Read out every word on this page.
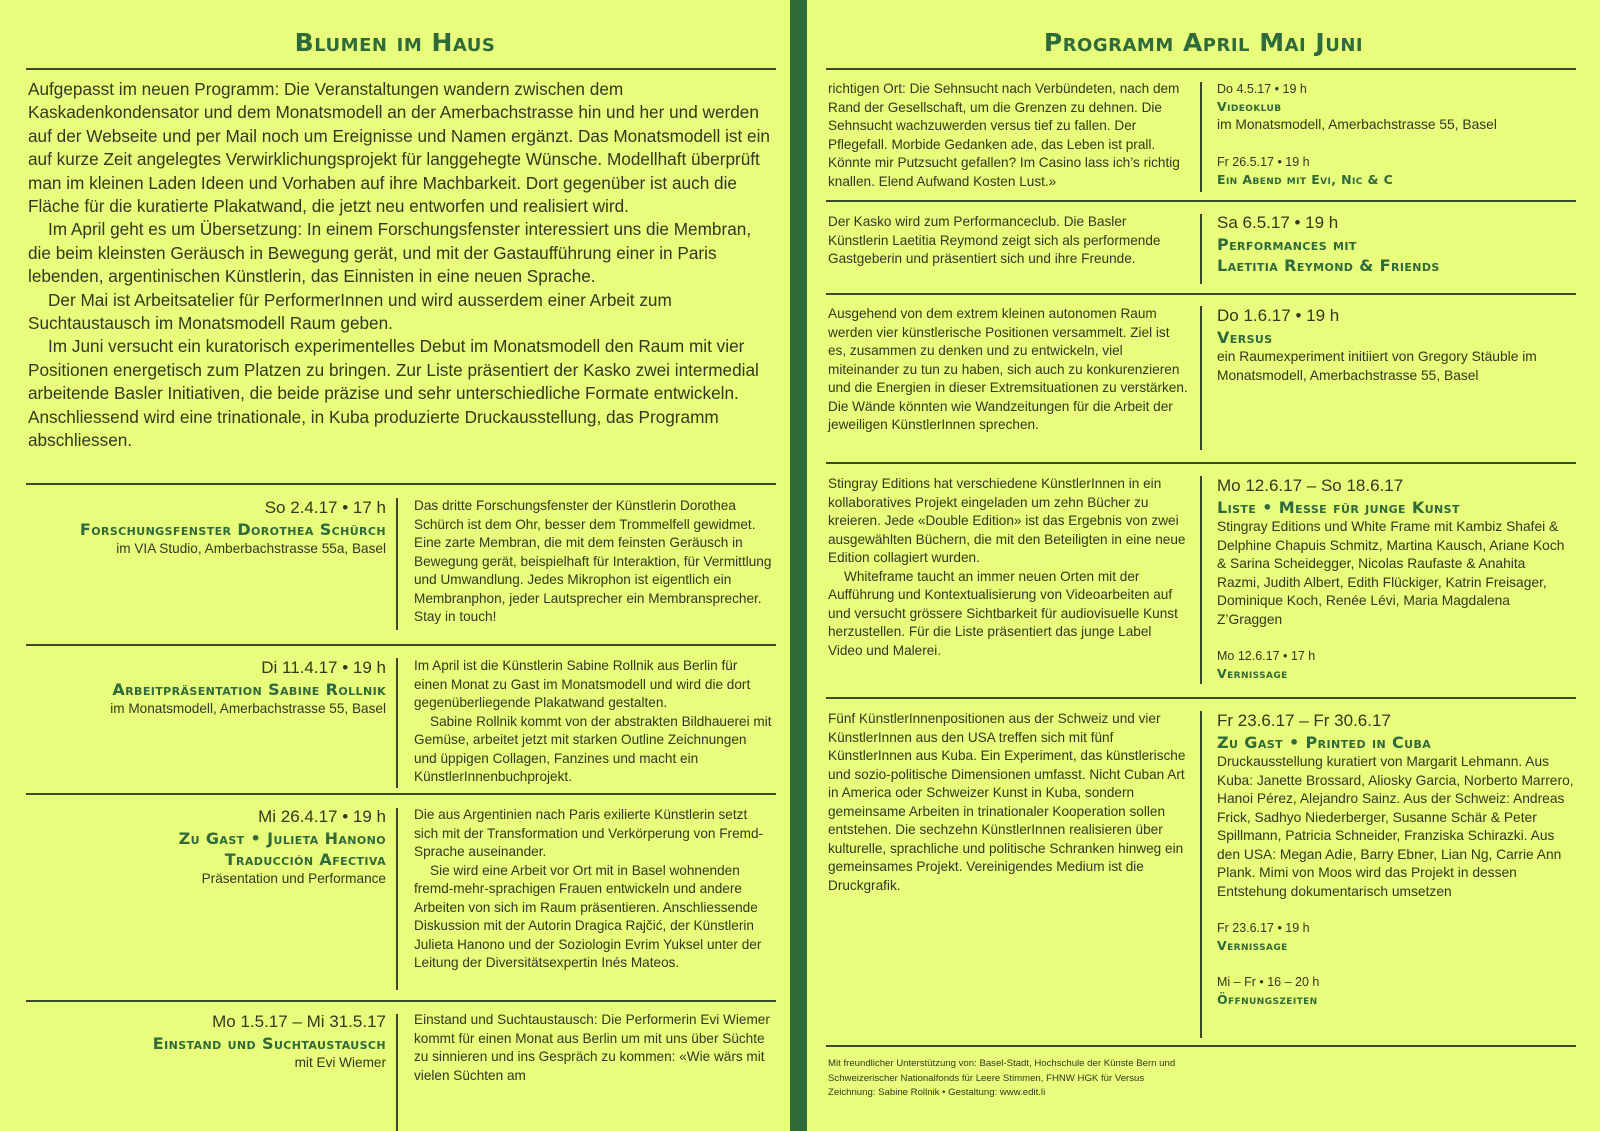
Blumen im Haus

Aufgepasst im neuen Programm: Die Veranstaltungen wandern zwischen dem Kaskadenkondensator und dem Monatsmodell an der Amerbachstrasse hin und her und werden auf der Webseite und per Mail noch um Ereignisse und Namen ergänzt. Das Monatsmodell ist ein auf kurze Zeit angelegtes Verwirklichungsprojekt für langgehegte Wünsche. Modellhaft überprüft man im kleinen Laden Ideen und Vorhaben auf ihre Machbarkeit. Dort gegenüber ist auch die Fläche für die kuratierte Plakatwand, die jetzt neu entworfen und realisiert wird.

Im April geht es um Übersetzung: In einem Forschungsfenster interessiert uns die Membran, die beim kleinsten Geräusch in Bewegung gerät, und mit der Gastaufführung einer in Paris lebenden, argentinischen Künstlerin, das Einnisten in eine neuen Sprache.

Der Mai ist Arbeitsatelier für PerformerInnen und wird ausserdem einer Arbeit zum Suchtaustausch im Monatsmodell Raum geben.

Im Juni versucht ein kuratorisch experimentelles Debut im Monatsmodell den Raum mit vier Positionen energetisch zum Platzen zu bringen. Zur Liste präsentiert der Kasko zwei intermedial arbeitende Basler Initiativen, die beide präzise und sehr unterschiedliche Formate entwickeln. Anschliessend wird eine trinationale, in Kuba produzierte Druckausstellung, das Programm abschliessen.

So 2.4.17 • 17 h
Forschungsfenster Dorothea Schürch
im VIA Studio, Amberbachstrasse 55a, Basel

Das dritte Forschungsfenster der Künstlerin Dorothea Schürch ist dem Ohr, besser dem Trommelfell gewidmet. Eine zarte Membran, die mit dem feinsten Geräusch in Bewegung gerät, beispielhaft für Interaktion, für Vermittlung und Umwandlung. Jedes Mikrophon ist eigentlich ein Membranphon, jeder Lautsprecher ein Membransprecher. Stay in touch!

Di 11.4.17 • 19 h
Arbeitpräsentation Sabine Rollnik
im Monatsmodell, Amerbachstrasse 55, Basel

Im April ist die Künstlerin Sabine Rollnik aus Berlin für einen Monat zu Gast im Monatsmodell und wird die dort gegenüberliegende Plakatwand gestalten.

Sabine Rollnik kommt von der abstrakten Bildhauerei mit Gemüse, arbeitet jetzt mit starken Outline Zeichnungen und üppigen Collagen, Fanzines und macht ein KünstlerInnenbuchprojekt.

Mi 26.4.17 • 19 h
Zu Gast • Julieta Hanono
Traducción Afectiva
Präsentation und Performance

Die aus Argentinien nach Paris exilierte Künstlerin setzt sich mit der Transformation und Verkörperung von Fremd-Sprache auseinander.

Sie wird eine Arbeit vor Ort mit in Basel wohnenden fremd-mehr-sprachigen Frauen entwickeln und andere Arbeiten von sich im Raum präsentieren. Anschliessende Diskussion mit der Autorin Dragica Rajčić, der Künstlerin Julieta Hanono und der Soziologin Evrim Yuksel unter der Leitung der Diversitätsexpertin Inés Mateos.

Mo 1.5.17 – Mi 31.5.17
Einstand und Suchtaustausch
mit Evi Wiemer

Einstand und Suchtaustausch: Die Performerin Evi Wiemer kommt für einen Monat aus Berlin um mit uns über Süchte zu sinnieren und ins Gespräch zu kommen: «Wie wärs mit vielen Süchten am

Programm April Mai Juni

richtigen Ort: Die Sehnsucht nach Verbündeten, nach dem Rand der Gesellschaft, um die Grenzen zu dehnen. Die Sehnsucht wachzuwerden versus tief zu fallen. Der Pflegefall. Morbide Gedanken ade, das Leben ist prall. Könnte mir Putzsucht gefallen? Im Casino lass ich’s richtig knallen. Elend Aufwand Kosten Lust.»

Do 4.5.17 • 19 h
Videoklub
im Monatsmodell, Amerbachstrasse 55, Basel
Fr 26.5.17 • 19 h
Ein Abend mit Evi, Nic & C

Der Kasko wird zum Performanceclub. Die Basler Künstlerin Laetitia Reymond zeigt sich als performende Gastgeberin und präsentiert sich und ihre Freunde.

Sa 6.5.17 • 19 h
Performances mit
Laetitia Reymond & Friends

Ausgehend von dem extrem kleinen autonomen Raum werden vier künstlerische Positionen versammelt. Ziel ist es, zusammen zu denken und zu entwickeln, viel miteinander zu tun zu haben, sich auch zu konkurenzieren und die Energien in dieser Extremsituationen zu verstärken. Die Wände könnten wie Wandzeitungen für die Arbeit der jeweiligen KünstlerInnen sprechen.

Do 1.6.17 • 19 h
Versus
ein Raumexperiment initiiert von Gregory Stäuble im Monatsmodell, Amerbachstrasse 55, Basel

Stingray Editions hat verschiedene KünstlerInnen in ein kollaboratives Projekt eingeladen um zehn Bücher zu kreieren. Jede «Double Edition» ist das Ergebnis von zwei ausgewählten Büchern, die mit den Beteiligten in eine neue Edition collagiert wurden.

Whiteframe taucht an immer neuen Orten mit der Aufführung und Kontextualisierung von Videoarbeiten auf und versucht grössere Sichtbarkeit für audiovisuelle Kunst herzustellen. Für die Liste präsentiert das junge Label Video und Malerei.

Mo 12.6.17 – So 18.6.17
Liste • Messe für junge Kunst
Stingray Editions und White Frame mit Kambiz Shafei & Delphine Chapuis Schmitz, Martina Kausch, Ariane Koch & Sarina Scheidegger, Nicolas Raufaste & Anahita Razmi, Judith Albert, Edith Flückiger, Katrin Freisager, Dominique Koch, Renée Lévi, Maria Magdalena Z’Graggen
Mo 12.6.17 • 17 h
Vernissage

Fünf KünstlerInnenpositionen aus der Schweiz und vier KünstlerInnen aus den USA treffen sich mit fünf KünstlerInnen aus Kuba. Ein Experiment, das künstlerische und sozio-politische Dimensionen umfasst. Nicht Cuban Art in America oder Schweizer Kunst in Kuba, sondern gemeinsame Arbeiten in trinationaler Kooperation sollen entstehen. Die sechzehn KünstlerInnen realisieren über kulturelle, sprachliche und politische Schranken hinweg ein gemeinsames Projekt. Vereinigendes Medium ist die Druckgrafik.

Fr 23.6.17 – Fr 30.6.17
Zu Gast • Printed in Cuba
Druckausstellung kuratiert von Margarit Lehmann. Aus Kuba: Janette Brossard, Aliosky Garcia, Norberto Marrero, Hanoi Pérez, Alejandro Sainz. Aus der Schweiz: Andreas Frick, Sadhyo Niederberger, Susanne Schär & Peter Spillmann, Patricia Schneider, Franziska Schirazki. Aus den USA: Megan Adie, Barry Ebner, Lian Ng, Carrie Ann Plank. Mimi von Moos wird das Projekt in dessen Entstehung dokumentarisch umsetzen
Fr 23.6.17 • 19 h
Vernissage
Mi – Fr • 16 – 20 h
Öffnungszeiten
Mit freundlicher Unterstützung von: Basel-Stadt, Hochschule der Künste Bern und Schweizerischer Nationalfonds für Leere Stimmen, FHNW HGK für Versus Zeichnung: Sabine Rollnik • Gestaltung: www.edit.li
